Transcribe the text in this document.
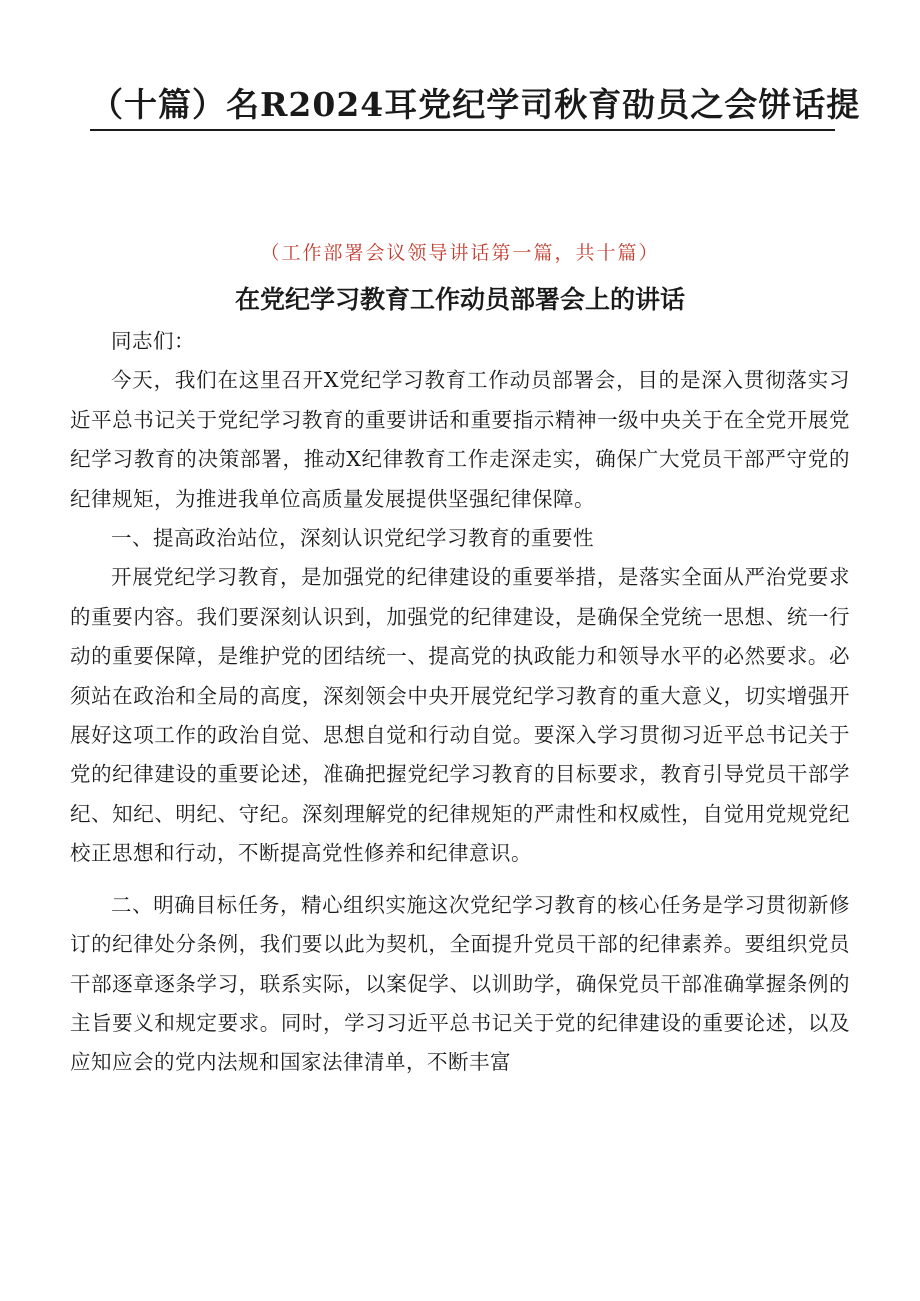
（十篇）名R2024耳党纪学司秋育劭员之会饼话提
（工作部署会议领导讲话第一篇，共十篇）
在党纪学习教育工作动员部署会上的讲话

同志们：

今天，我们在这里召开X党纪学习教育工作动员部署会，目的是深入贯彻落实习近平总书记关于党纪学习教育的重要讲话和重要指示精神一级中央关于在全党开展党纪学习教育的决策部署，推动X纪律教育工作走深走实，确保广大党员干部严守党的纪律规矩，为推进我单位高质量发展提供坚强纪律保障。

一、提高政治站位，深刻认识党纪学习教育的重要性

开展党纪学习教育，是加强党的纪律建设的重要举措，是落实全面从严治党要求的重要内容。我们要深刻认识到，加强党的纪律建设，是确保全党统一思想、统一行动的重要保障，是维护党的团结统一、提高党的执政能力和领导水平的必然要求。必须站在政治和全局的高度，深刻领会中央开展党纪学习教育的重大意义，切实增强开展好这项工作的政治自觉、思想自觉和行动自觉。要深入学习贯彻习近平总书记关于党的纪律建设的重要论述，准确把握党纪学习教育的目标要求，教育引导党员干部学纪、知纪、明纪、守纪。深刻理解党的纪律规矩的严肃性和权威性，自觉用党规党纪校正思想和行动，不断提高党性修养和纪律意识。

二、明确目标任务，精心组织实施这次党纪学习教育的核心任务是学习贯彻新修订的纪律处分条例，我们要以此为契机，全面提升党员干部的纪律素养。要组织党员干部逐章逐条学习，联系实际，以案促学、以训助学，确保党员干部准确掌握条例的主旨要义和规定要求。同时，学习习近平总书记关于党的纪律建设的重要论述，以及应知应会的党内法规和国家法律清单，不断丰富
